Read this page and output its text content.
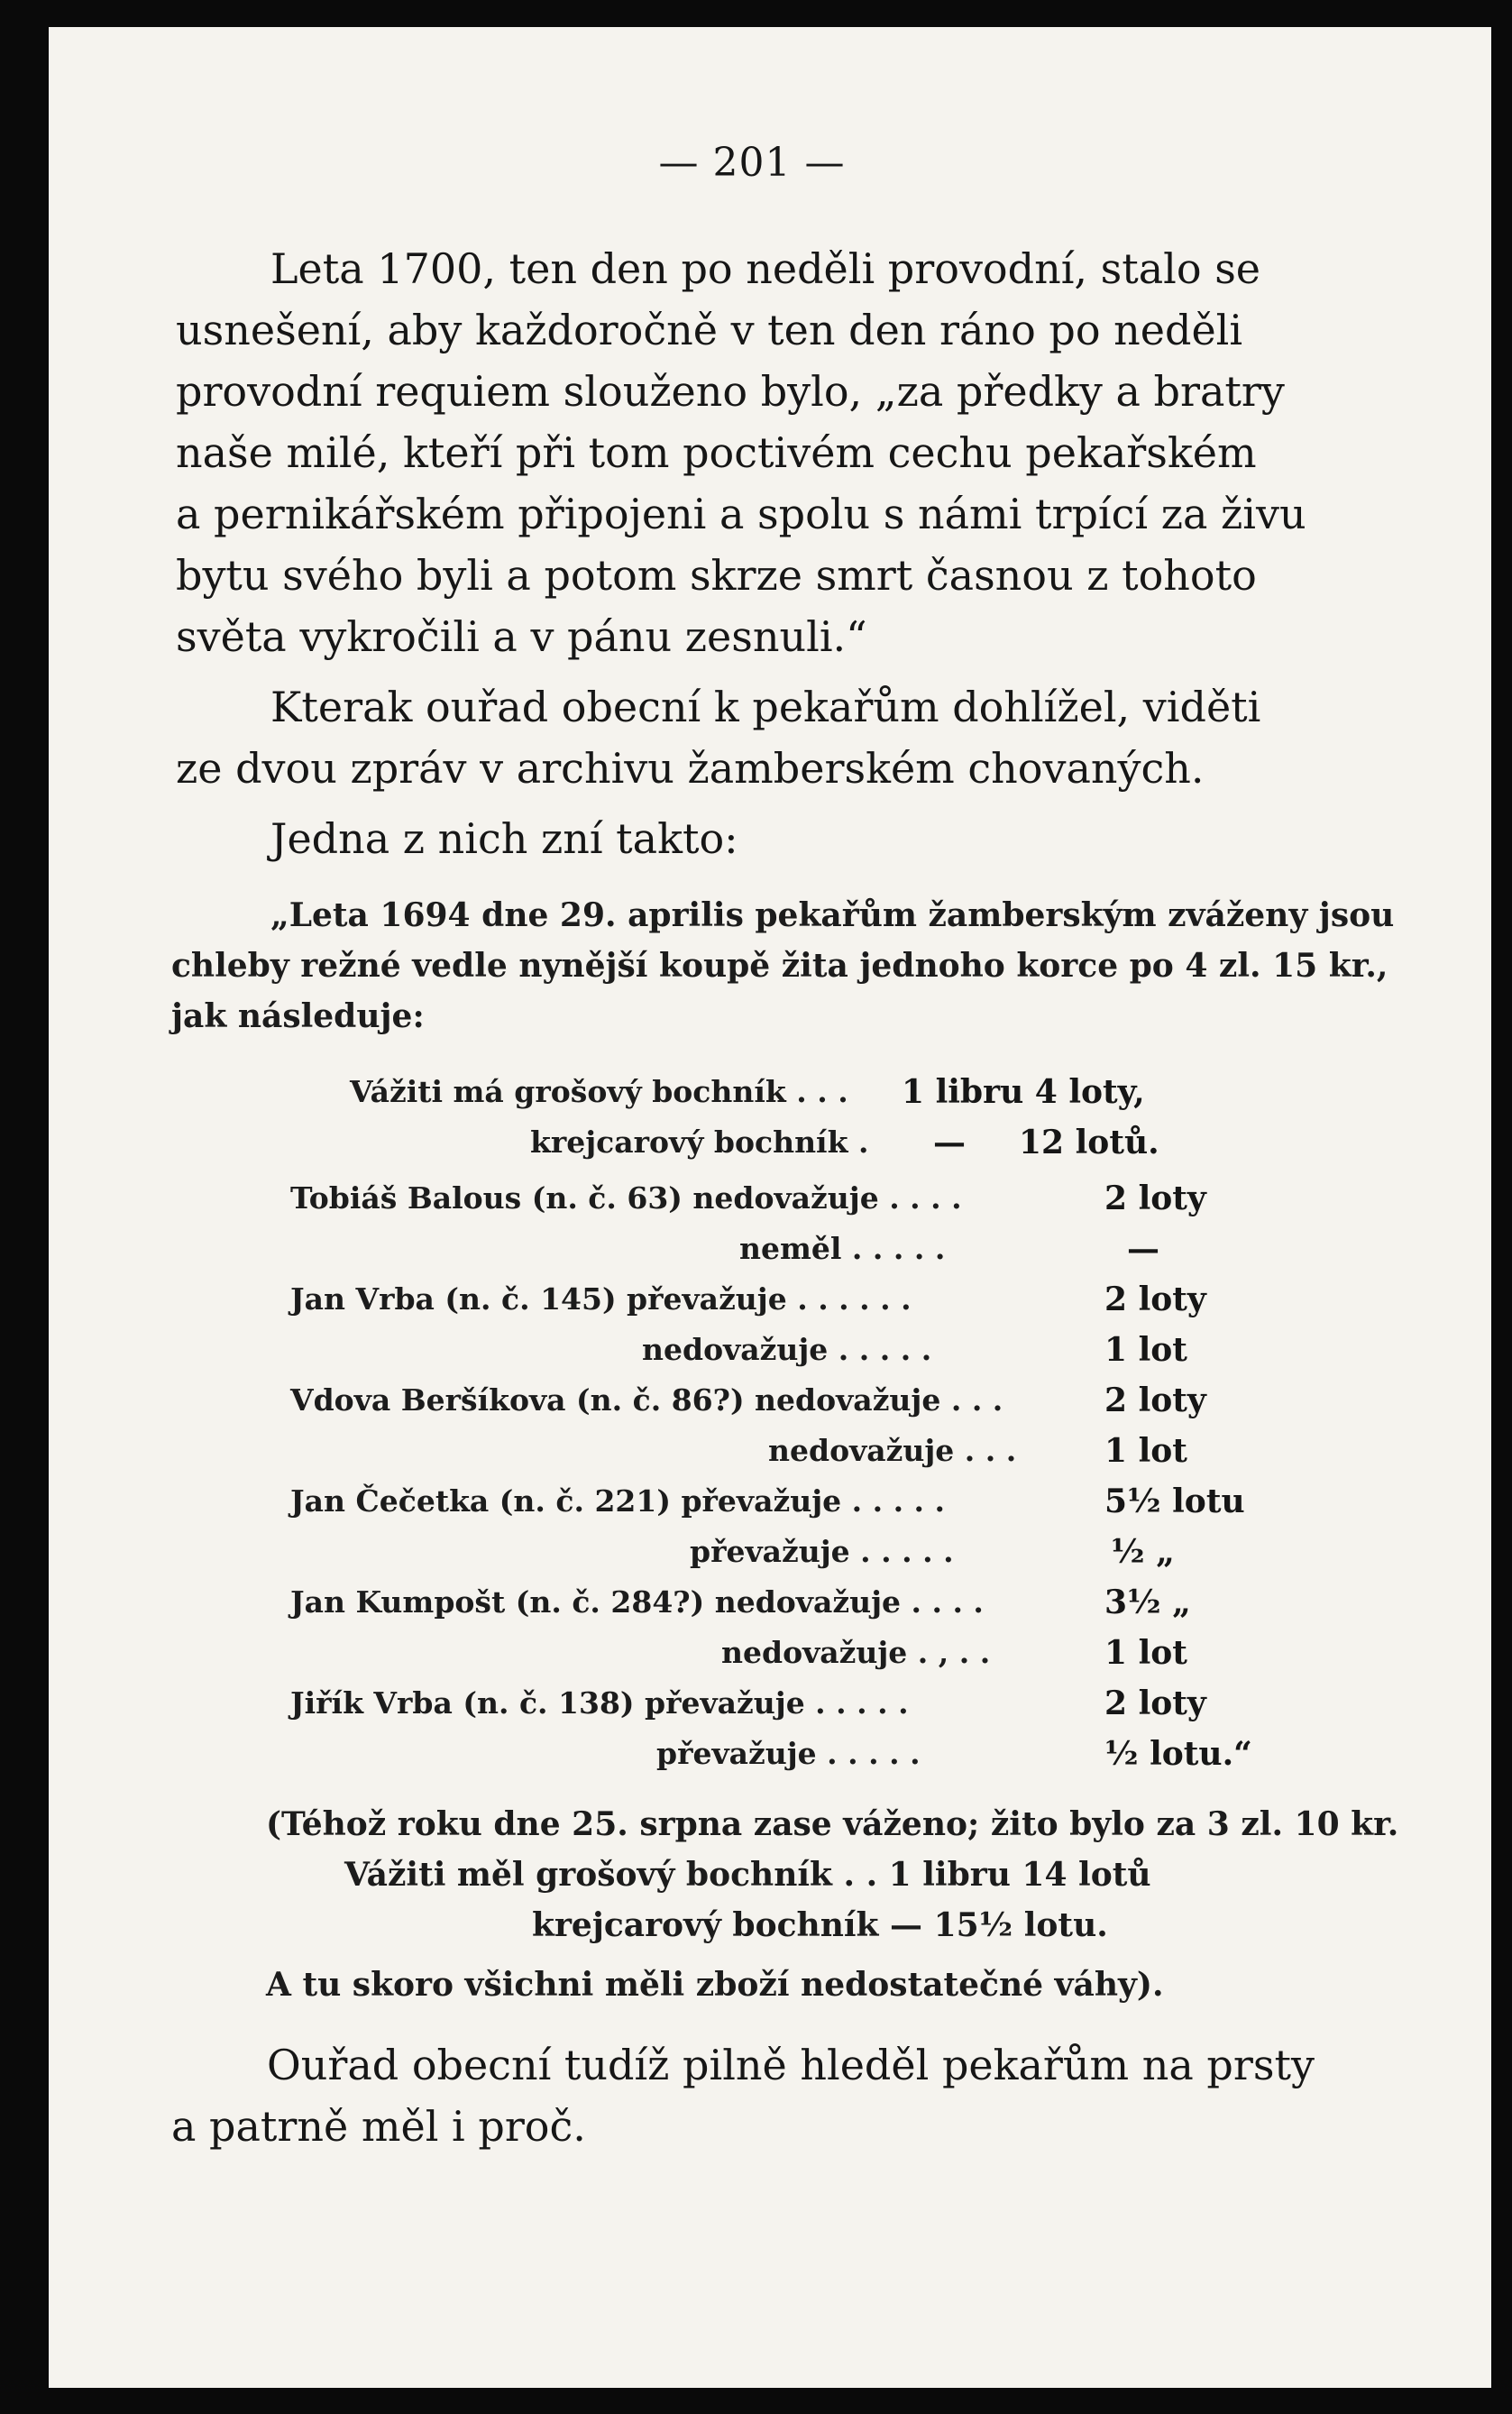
— 201 —
Leta 1700, ten den po neděli provodní, stalo se
usnešení, aby každoročně v ten den ráno po neděli
provodní requiem slouženo bylo, „za předky a bratry
naše milé, kteří při tom poctivém cechu pekařském
a pernikářském připojeni a spolu s námi trpící za živu
bytu svého byli a potom skrze smrt časnou z tohoto
světa vykročili a v pánu zesnuli.“
Kterak ouřad obecní k pekařům dohlížel, viděti
ze dvou zpráv v archivu žamberském chovaných.
Jedna z nich zní takto:
„Leta 1694 dne 29. aprilis pekařům žamberským zváženy jsou
chleby režné vedle nynější koupě žita jednoho korce po 4 zl. 15 kr.,
jak následuje:
Vážiti má grošový bochník . . . 1 libru 4 loty,
krejcarový bochník . — 12 lotů.
Tobiáš Balous (n. č. 63) nedovažuje . . . .	2 loty
neměl . . . . .	—
Jan Vrba (n. č. 145) převažuje . . . . . .	2 loty
nedovažuje . . . . .	1 lot
Vdova Beršíkova (n. č. 86?) nedovažuje . . .	2 loty
nedovažuje . . .	1 lot
Jan Čečetka (n. č. 221) převažuje . . . . .	5½ lotu
převažuje . . . . .	½ „
Jan Kumpošt (n. č. 284?) nedovažuje . . . .	3½ „
nedovažuje . , . .	1 lot
Jiřík Vrba (n. č. 138) převažuje . . . . .	2 loty
převažuje . . . . .	½ lotu.“
(Téhož roku dne 25. srpna zase váženo; žito bylo za 3 zl. 10 kr.
Vážiti měl grošový bochník . . 1 libru 14 lotů
krejcarový bochník — 15½ lotu.
A tu skoro všichni měli zboží nedostatečné váhy).
Ouřad obecní tudíž pilně hleděl pekařům na prsty
a patrně měl i proč.
